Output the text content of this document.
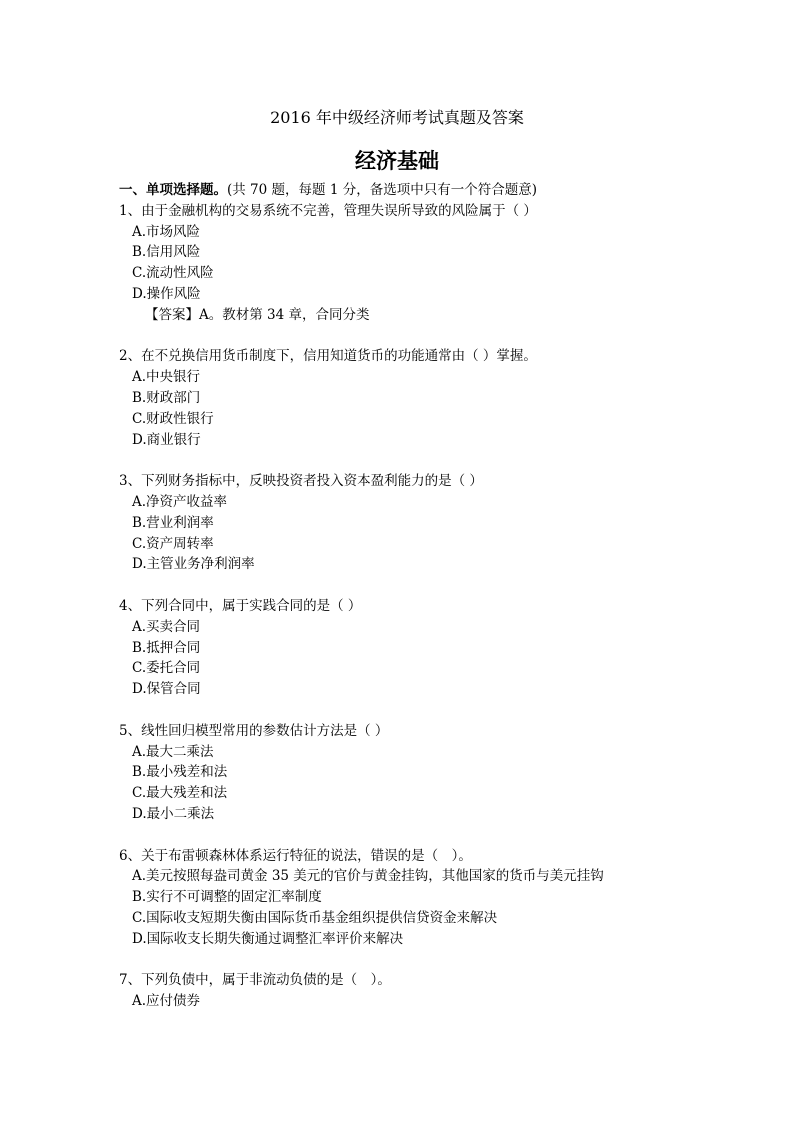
2016 年中级经济师考试真题及答案
经济基础
一、单项选择题。(共 70 题，每题 1 分，备选项中只有一个符合题意)
1、由于金融机构的交易系统不完善，管理失误所导致的风险属于（ ）
A.市场风险
B.信用风险
C.流动性风险
D.操作风险
【答案】A。教材第 34 章，合同分类
2、在不兑换信用货币制度下，信用知道货币的功能通常由（ ）掌握。
A.中央银行
B.财政部门
C.财政性银行
D.商业银行
3、下列财务指标中，反映投资者投入资本盈利能力的是（ ）
A.净资产收益率
B.营业利润率
C.资产周转率
D.主管业务净利润率
4、下列合同中，属于实践合同的是（ ）
A.买卖合同
B.抵押合同
C.委托合同
D.保管合同
5、线性回归模型常用的参数估计方法是（ ）
A.最大二乘法
B.最小残差和法
C.最大残差和法
D.最小二乘法
6、关于布雷顿森林体系运行特征的说法，错误的是（　）。
A.美元按照每盎司黄金 35 美元的官价与黄金挂钩，其他国家的货币与美元挂钩
B.实行不可调整的固定汇率制度
C.国际收支短期失衡由国际货币基金组织提供信贷资金来解决
D.国际收支长期失衡通过调整汇率评价来解决
7、下列负债中，属于非流动负债的是（　）。
A.应付债券
